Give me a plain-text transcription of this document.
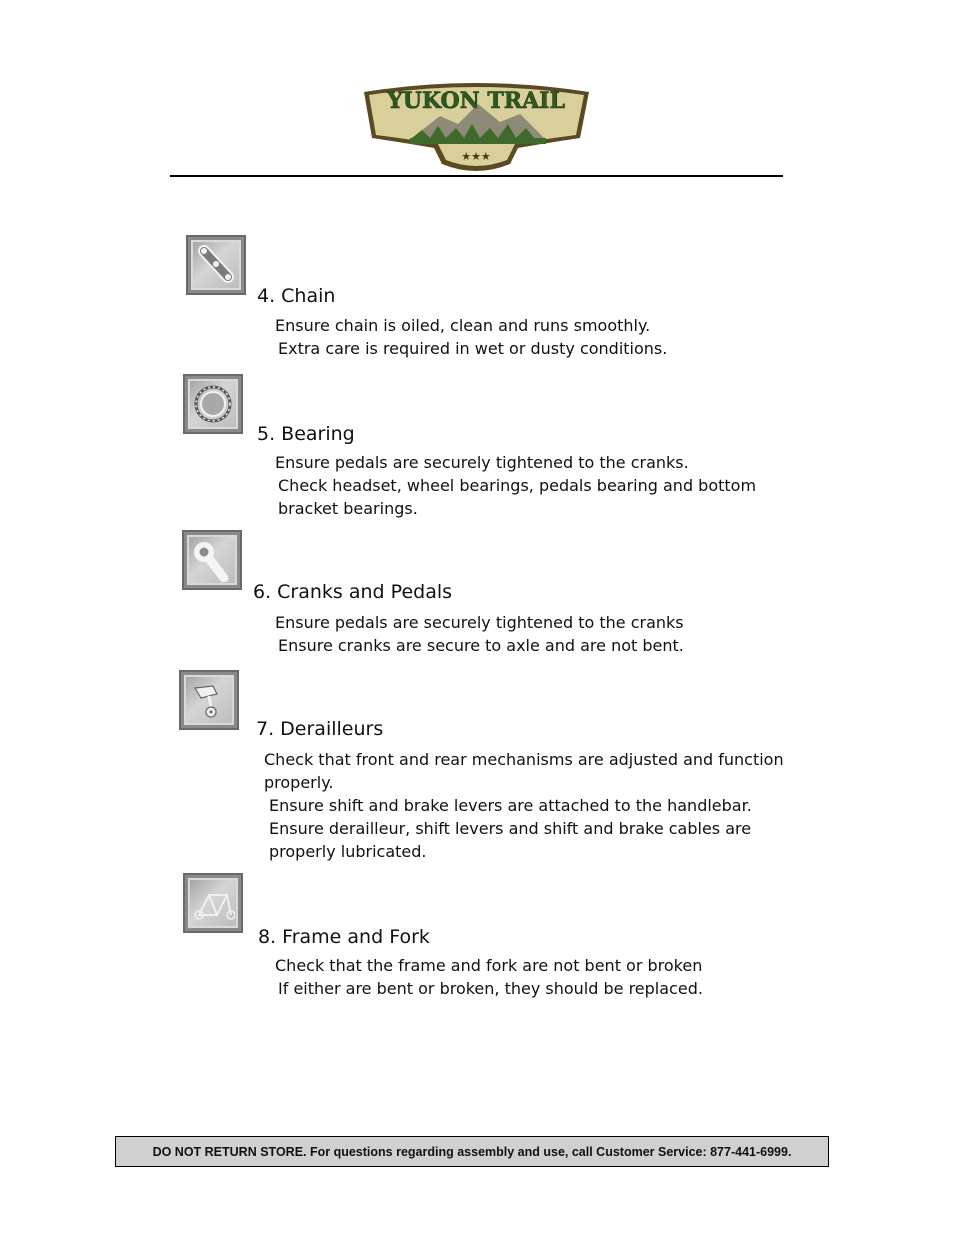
YUKON TRAIL
★★★
4. Chain
Ensure chain is oiled, clean and runs smoothly.
Extra care is required in wet or dusty conditions.
5. Bearing
Ensure pedals are securely tightened to the cranks.
Check headset, wheel bearings, pedals bearing and bottom
bracket bearings.
6. Cranks and Pedals
Ensure pedals are securely tightened to the cranks
Ensure cranks are secure to axle and are not bent.
7. Derailleurs
Check that front and rear mechanisms are adjusted and function
properly.
Ensure shift and brake levers are attached to the handlebar.
Ensure derailleur, shift levers and shift and brake cables are
properly lubricated.
8. Frame and Fork
Check that the frame and fork are not bent or broken
If either are bent or broken, they should be replaced.
DO NOT RETURN STORE. For questions regarding assembly and use, call Customer Service: 877-441-6999.
